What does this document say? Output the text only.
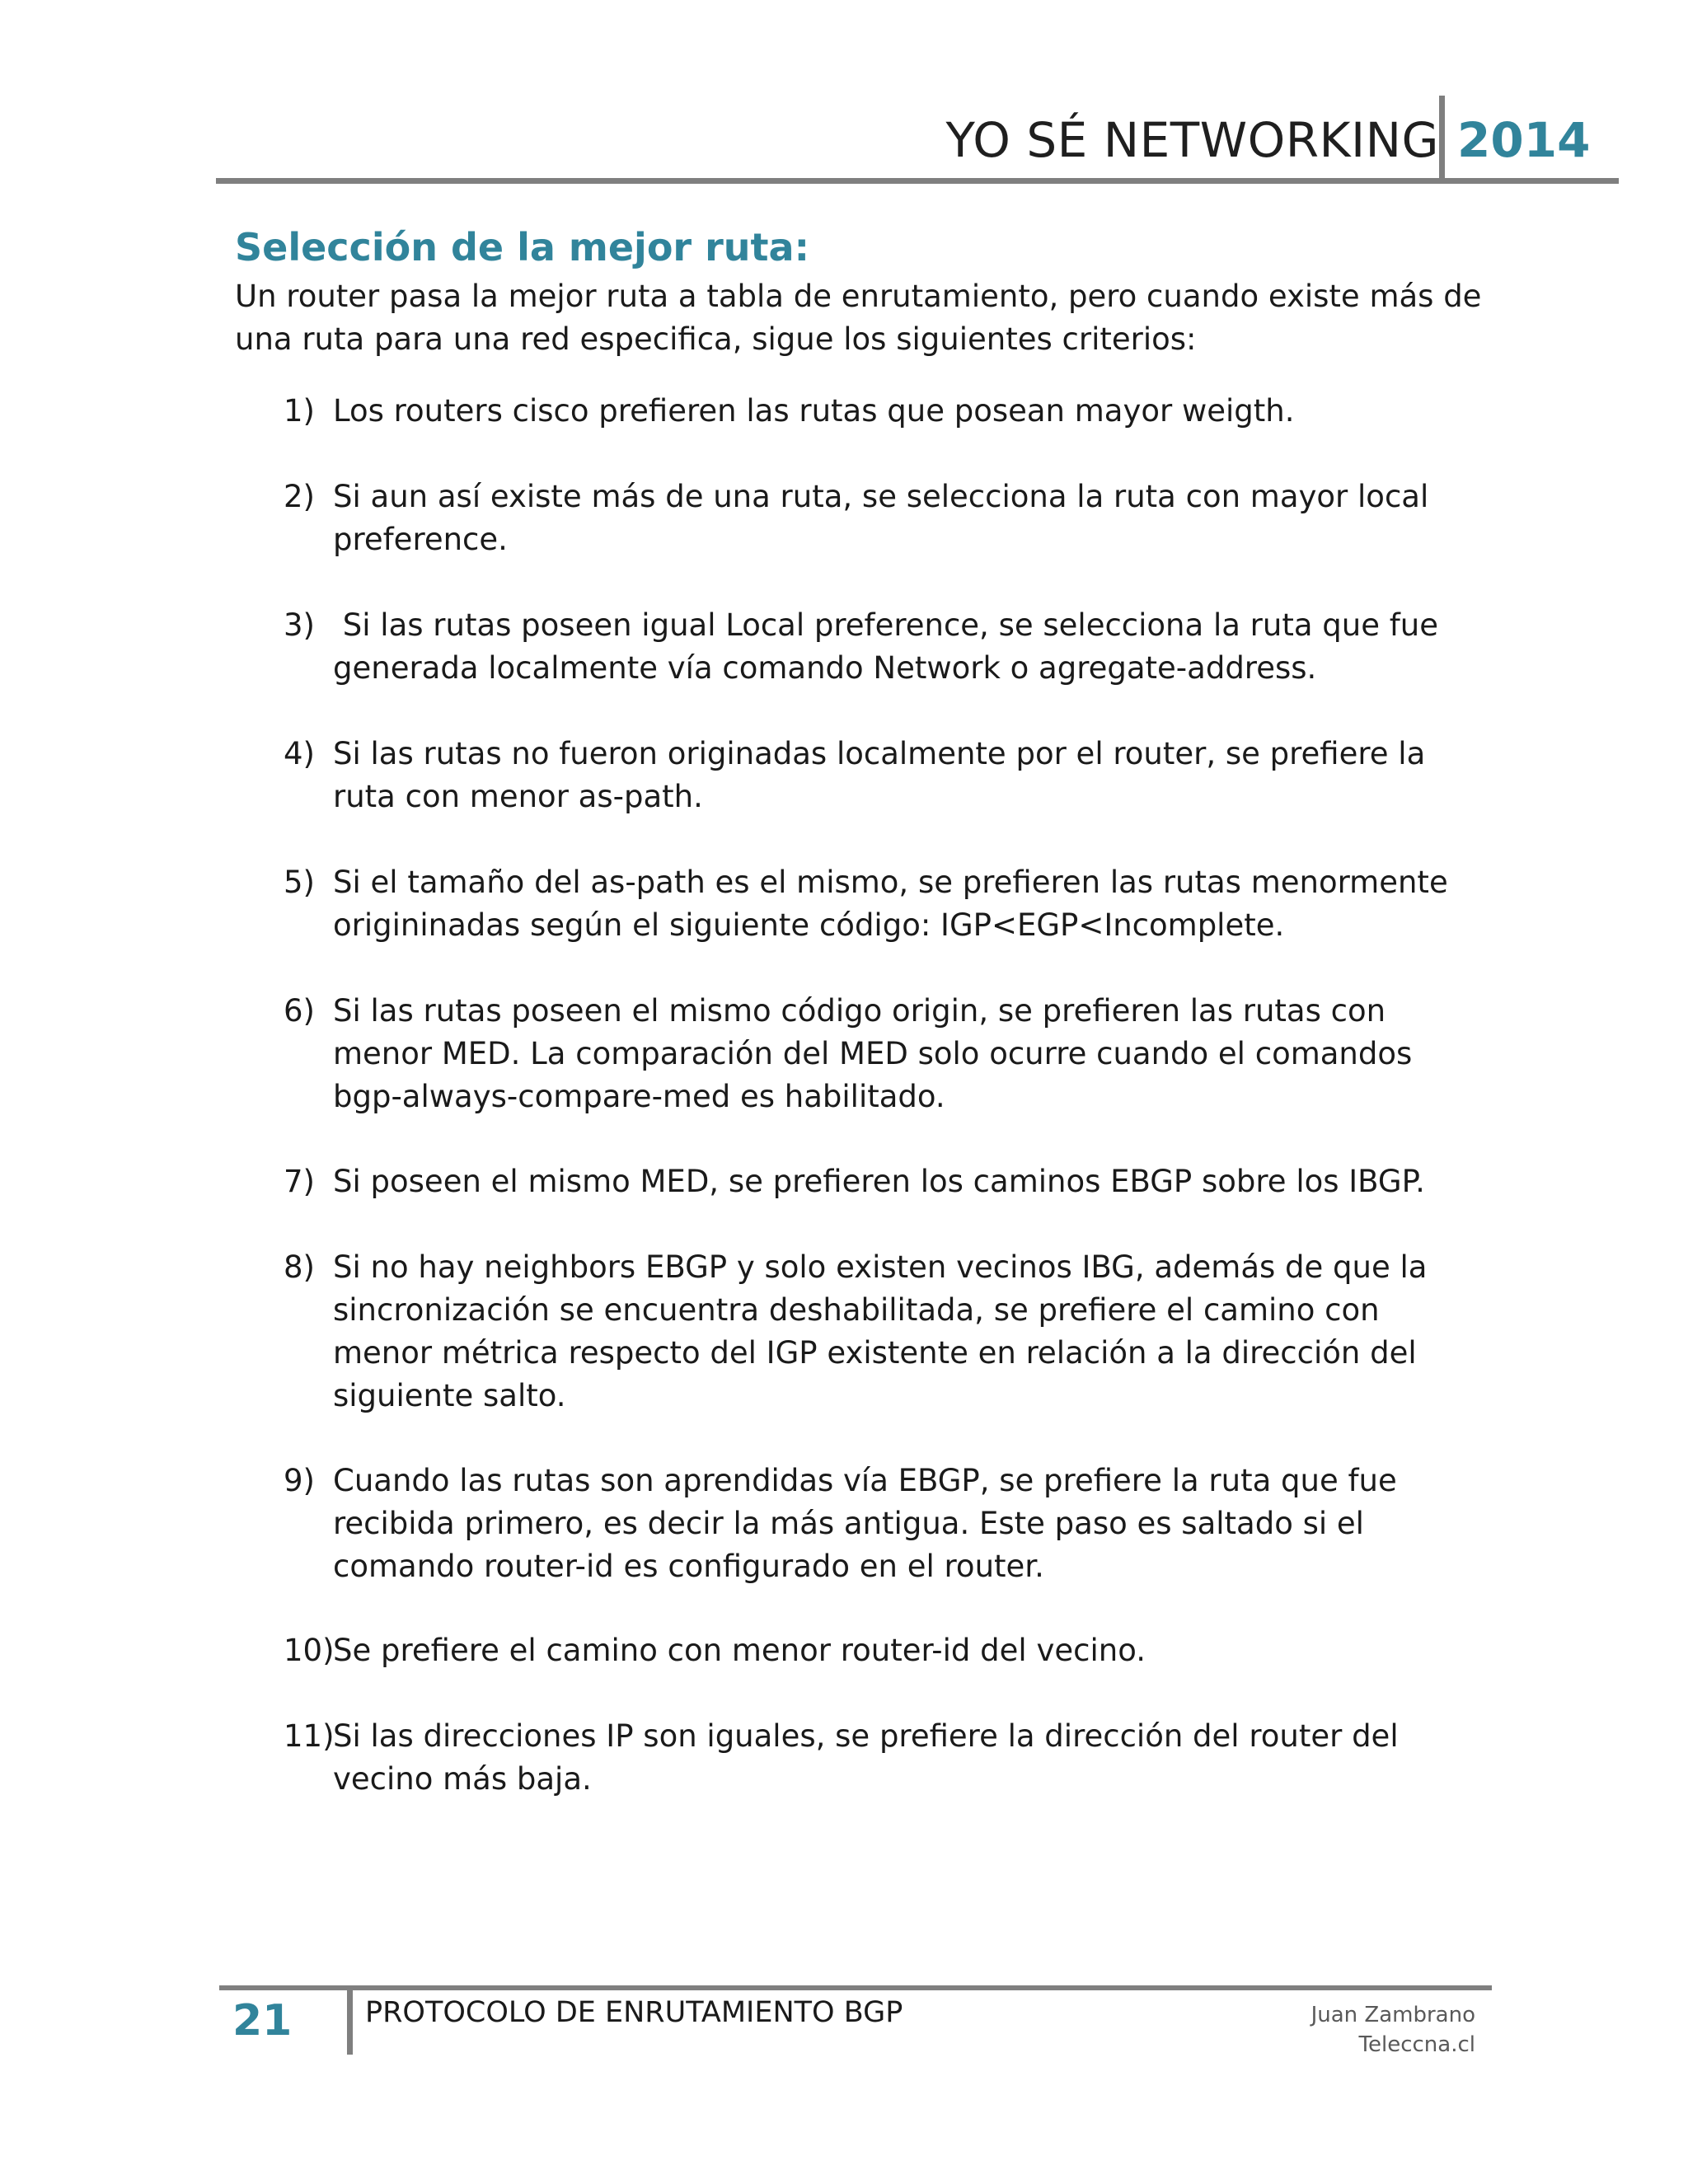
YO SÉ NETWORKING 2014
Selección de la mejor ruta:
Un router pasa la mejor ruta a tabla de enrutamiento, pero cuando existe más de una ruta para una red especifica, sigue los siguientes criterios:
1) Los routers cisco prefieren las rutas que posean mayor weigth.
2) Si aun así existe más de una ruta, se selecciona la ruta con mayor local preference.
3) Si las rutas poseen igual Local preference, se selecciona la ruta que fue generada localmente vía comando Network o agregate-address.
4) Si las rutas no fueron originadas localmente por el router, se prefiere la ruta con menor as-path.
5) Si el tamaño del as-path es el mismo, se prefieren las rutas menormente origininadas según el siguiente código: IGP<EGP<Incomplete.
6) Si las rutas poseen el mismo código origin, se prefieren las rutas con menor MED. La comparación del MED solo ocurre cuando el comandos bgp-always-compare-med es habilitado.
7) Si poseen el mismo MED, se prefieren los caminos EBGP sobre los IBGP.
8) Si no hay neighbors EBGP y solo existen vecinos IBG, además de que la sincronización se encuentra deshabilitada, se prefiere el camino con menor métrica respecto del IGP existente en relación a la dirección del siguiente salto.
9) Cuando las rutas son aprendidas vía EBGP, se prefiere la ruta que fue recibida primero, es decir la más antigua. Este paso es saltado si el comando router-id es configurado en el router.
10)
Se prefiere el camino con menor router-id del vecino.
11)
Si las direcciones IP son iguales, se prefiere la dirección del router del vecino más baja.
21	PROTOCOLO DE ENRUTAMIENTO BGP	Juan Zambrano
Teleccna.cl
